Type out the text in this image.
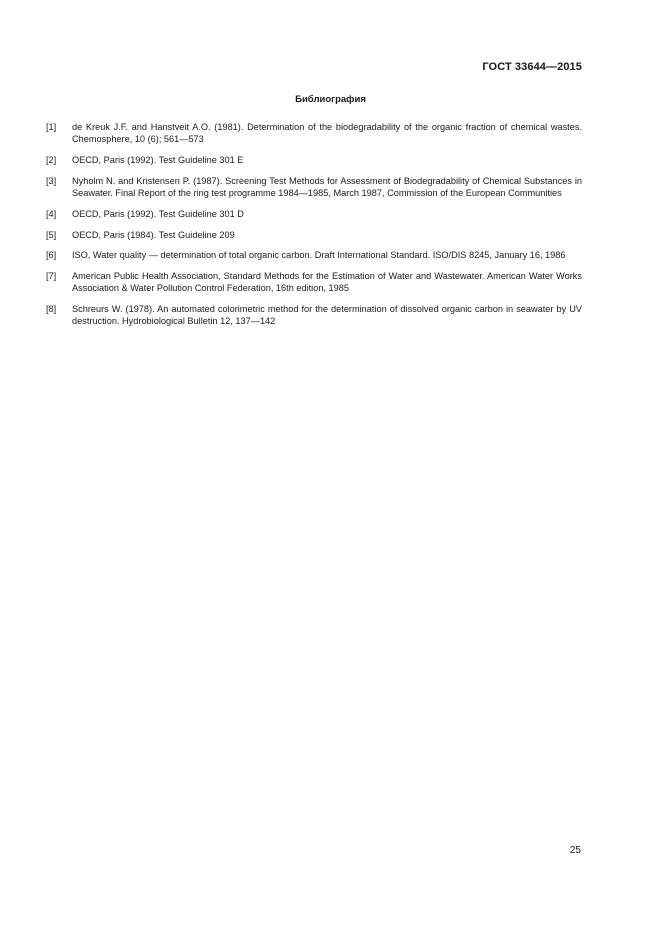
ГОСТ 33644—2015
Библиография
[1]	de Kreuk J.F. and Hanstveit A.O. (1981). Determination of the biodegradability of the organic fraction of chemical wastes. Chemosphere, 10 (6); 561—573
[2]	OECD, Paris (1992). Test Guideline 301 E
[3]	Nyholm N. and Kristensen P. (1987). Screening Test Methods for Assessment of Biodegradability of Chemical Substances in Seawater. Final Report of the ring test programme 1984—1985, March 1987, Commission of the European Communities
[4]	OECD, Paris (1992). Test Guideline 301 D
[5]	OECD, Paris (1984). Test Guideline 209
[6]	ISO, Water quality — determination of total organic carbon. Draft International Standard. ISO/DIS 8245, January 16, 1986
[7]	American Public Health Association, Standard Methods for the Estimation of Water and Wastewater. American Water Works Association & Water Pollution Control Federation, 16th edition, 1985
[8]	Schreurs W. (1978). An automated colorimetric method for the determination of dissolved organic carbon in seawater by UV destruction. Hydrobiological Bulletin 12, 137—142
25
